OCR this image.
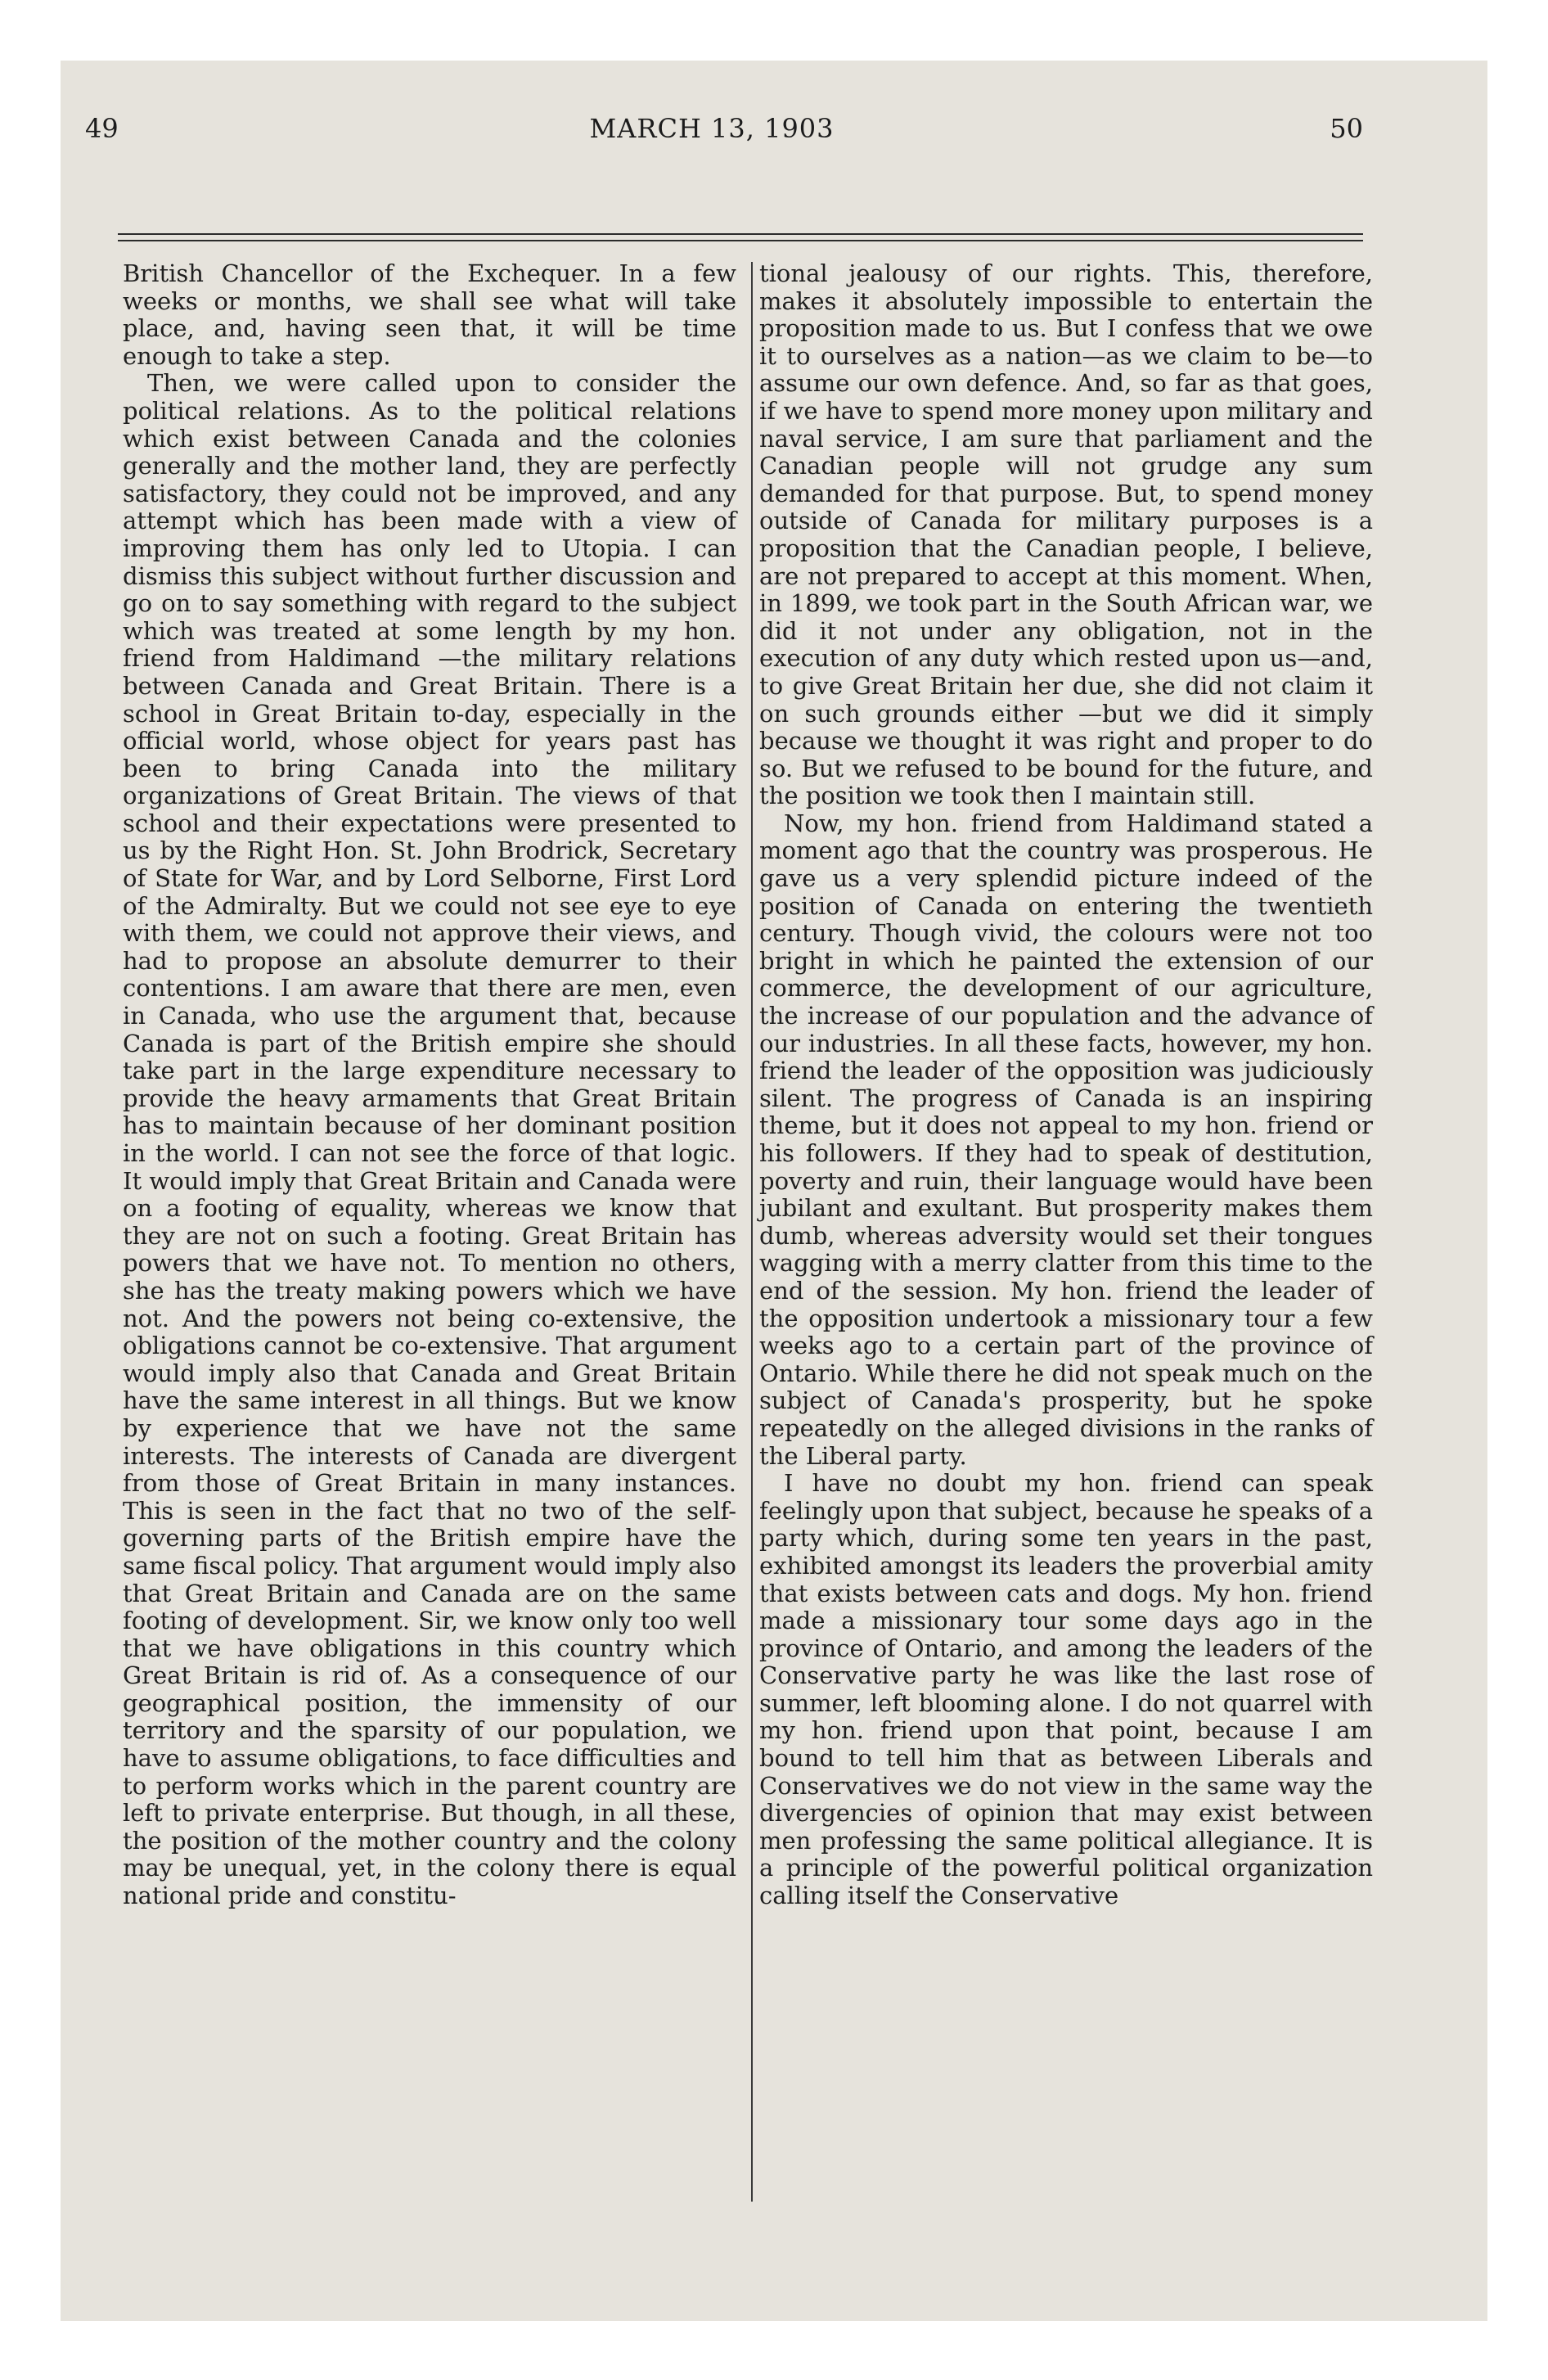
49	MARCH 13, 1903	50

British Chancellor of the Exchequer. In a few weeks or months, we shall see what will take place, and, having seen that, it will be time enough to take a step.

Then, we were called upon to consider the political relations. As to the political relations which exist between Canada and the colonies generally and the mother land, they are perfectly satisfactory, they could not be improved, and any attempt which has been made with a view of improving them has only led to Utopia. I can dismiss this subject without further discussion and go on to say something with regard to the subject which was treated at some length by my hon. friend from Haldimand —the military relations between Canada and Great Britain. There is a school in Great Britain to-day, especially in the official world, whose object for years past has been to bring Canada into the military organizations of Great Britain. The views of that school and their expectations were presented to us by the Right Hon. St. John Brodrick, Secretary of State for War, and by Lord Selborne, First Lord of the Admiralty. But we could not see eye to eye with them, we could not approve their views, and had to propose an absolute demurrer to their contentions. I am aware that there are men, even in Canada, who use the argument that, because Canada is part of the British empire she should take part in the large expenditure necessary to provide the heavy armaments that Great Britain has to maintain because of her dominant position in the world. I can not see the force of that logic. It would imply that Great Britain and Canada were on a footing of equality, whereas we know that they are not on such a footing. Great Britain has powers that we have not. To mention no others, she has the treaty making powers which we have not. And the powers not being co-extensive, the obligations cannot be co-extensive. That argument would imply also that Canada and Great Britain have the same interest in all things. But we know by experience that we have not the same interests. The interests of Canada are divergent from those of Great Britain in many instances. This is seen in the fact that no two of the self-governing parts of the British empire have the same fiscal policy. That argument would imply also that Great Britain and Canada are on the same footing of development. Sir, we know only too well that we have obligations in this country which Great Britain is rid of. As a consequence of our geographical position, the immensity of our territory and the sparsity of our population, we have to assume obligations, to face difficulties and to perform works which in the parent country are left to private enterprise. But though, in all these, the position of the mother country and the colony may be unequal, yet, in the colony there is equal national pride and constitu-

tional jealousy of our rights. This, therefore, makes it absolutely impossible to entertain the proposition made to us. But I confess that we owe it to ourselves as a nation—as we claim to be—to assume our own defence. And, so far as that goes, if we have to spend more money upon military and naval service, I am sure that parliament and the Canadian people will not grudge any sum demanded for that purpose. But, to spend money outside of Canada for military purposes is a proposition that the Canadian people, I believe, are not prepared to accept at this moment. When, in 1899, we took part in the South African war, we did it not under any obligation, not in the execution of any duty which rested upon us—and, to give Great Britain her due, she did not claim it on such grounds either —but we did it simply because we thought it was right and proper to do so. But we refused to be bound for the future, and the position we took then I maintain still.

Now, my hon. friend from Haldimand stated a moment ago that the country was prosperous. He gave us a very splendid picture indeed of the position of Canada on entering the twentieth century. Though vivid, the colours were not too bright in which he painted the extension of our commerce, the development of our agriculture, the increase of our population and the advance of our industries. In all these facts, however, my hon. friend the leader of the opposition was judiciously silent. The progress of Canada is an inspiring theme, but it does not appeal to my hon. friend or his followers. If they had to speak of destitution, poverty and ruin, their language would have been jubilant and exultant. But prosperity makes them dumb, whereas adversity would set their tongues wagging with a merry clatter from this time to the end of the session. My hon. friend the leader of the opposition undertook a missionary tour a few weeks ago to a certain part of the province of Ontario. While there he did not speak much on the subject of Canada's prosperity, but he spoke repeatedly on the alleged divisions in the ranks of the Liberal party.

I have no doubt my hon. friend can speak feelingly upon that subject, because he speaks of a party which, during some ten years in the past, exhibited amongst its leaders the proverbial amity that exists between cats and dogs. My hon. friend made a missionary tour some days ago in the province of Ontario, and among the leaders of the Conservative party he was like the last rose of summer, left blooming alone. I do not quarrel with my hon. friend upon that point, because I am bound to tell him that as between Liberals and Conservatives we do not view in the same way the divergencies of opinion that may exist between men professing the same political allegiance. It is a principle of the powerful political organization calling itself the Conservative
